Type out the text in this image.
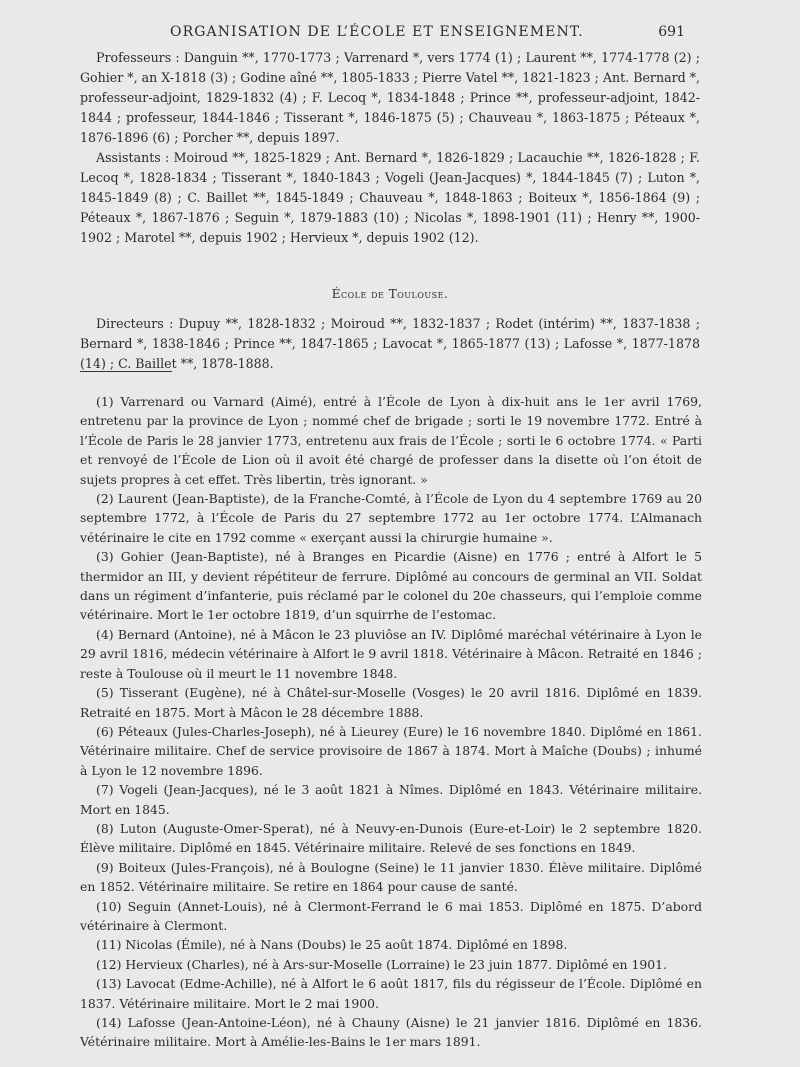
ORGANISATION DE L’ÉCOLE ET ENSEIGNEMENT.	691

Professeurs : Danguin **, 1770-1773 ; Varrenard *, vers 1774 (1) ; Laurent **, 1774-1778 (2) ; Gohier *, an X-1818 (3) ; Godine aîné **, 1805-1833 ; Pierre Vatel **, 1821-1823 ; Ant. Bernard *, professeur-adjoint, 1829-1832 (4) ; F. Lecoq *, 1834-1848 ; Prince **, professeur-adjoint, 1842-1844 ; professeur, 1844-1846 ; Tisserant *, 1846-1875 (5) ; Chauveau *, 1863-1875 ; Péteaux *, 1876-1896 (6) ; Porcher **, depuis 1897.

Assistants : Moiroud **, 1825-1829 ; Ant. Bernard *, 1826-1829 ; Lacauchie **, 1826-1828 ; F. Lecoq *, 1828-1834 ; Tisserant *, 1840-1843 ; Vogeli (Jean-Jacques) *, 1844-1845 (7) ; Luton *, 1845-1849 (8) ; C. Baillet **, 1845-1849 ; Chauveau *, 1848-1863 ; Boiteux *, 1856-1864 (9) ; Péteaux *, 1867-1876 ; Seguin *, 1879-1883 (10) ; Nicolas *, 1898-1901 (11) ; Henry **, 1900-1902 ; Marotel **, depuis 1902 ; Hervieux *, depuis 1902 (12).

École de Toulouse.

Directeurs : Dupuy **, 1828-1832 ; Moiroud **, 1832-1837 ; Rodet (intérim) **, 1837-1838 ; Bernard *, 1838-1846 ; Prince **, 1847-1865 ; Lavocat *, 1865-1877 (13) ; Lafosse *, 1877-1878 (14) ; C. Baillet **, 1878-1888.

(1) Varrenard ou Varnard (Aimé), entré à l’École de Lyon à dix-huit ans le 1er avril 1769, entretenu par la province de Lyon ; nommé chef de brigade ; sorti le 19 novembre 1772. Entré à l’École de Paris le 28 janvier 1773, entretenu aux frais de l’École ; sorti le 6 octobre 1774. « Parti et renvoyé de l’École de Lion où il avoit été chargé de professer dans la disette où l’on étoit de sujets propres à cet effet. Très libertin, très ignorant. »

(2) Laurent (Jean-Baptiste), de la Franche-Comté, à l’École de Lyon du 4 septembre 1769 au 20 septembre 1772, à l’École de Paris du 27 septembre 1772 au 1er octobre 1774. L’Almanach vétérinaire le cite en 1792 comme « exerçant aussi la chirurgie humaine ».

(3) Gohier (Jean-Baptiste), né à Branges en Picardie (Aisne) en 1776 ; entré à Alfort le 5 thermidor an III, y devient répétiteur de ferrure. Diplômé au concours de germinal an VII. Soldat dans un régiment d’infanterie, puis réclamé par le colonel du 20e chasseurs, qui l’emploie comme vétérinaire. Mort le 1er octobre 1819, d’un squirrhe de l’estomac.

(4) Bernard (Antoine), né à Mâcon le 23 pluviôse an IV. Diplômé maréchal vétérinaire à Lyon le 29 avril 1816, médecin vétérinaire à Alfort le 9 avril 1818. Vétérinaire à Mâcon. Retraité en 1846 ; reste à Toulouse où il meurt le 11 novembre 1848.

(5) Tisserant (Eugène), né à Châtel-sur-Moselle (Vosges) le 20 avril 1816. Diplômé en 1839. Retraité en 1875. Mort à Mâcon le 28 décembre 1888.

(6) Péteaux (Jules-Charles-Joseph), né à Lieurey (Eure) le 16 novembre 1840. Diplômé en 1861. Vétérinaire militaire. Chef de service provisoire de 1867 à 1874. Mort à Maîche (Doubs) ; inhumé à Lyon le 12 novembre 1896.

(7) Vogeli (Jean-Jacques), né le 3 août 1821 à Nîmes. Diplômé en 1843. Vétérinaire militaire. Mort en 1845.

(8) Luton (Auguste-Omer-Sperat), né à Neuvy-en-Dunois (Eure-et-Loir) le 2 septembre 1820. Élève militaire. Diplômé en 1845. Vétérinaire militaire. Relevé de ses fonctions en 1849.

(9) Boiteux (Jules-François), né à Boulogne (Seine) le 11 janvier 1830. Élève militaire. Diplômé en 1852. Vétérinaire militaire. Se retire en 1864 pour cause de santé.

(10) Seguin (Annet-Louis), né à Clermont-Ferrand le 6 mai 1853. Diplômé en 1875. D’abord vétérinaire à Clermont.

(11) Nicolas (Émile), né à Nans (Doubs) le 25 août 1874. Diplômé en 1898.

(12) Hervieux (Charles), né à Ars-sur-Moselle (Lorraine) le 23 juin 1877. Diplômé en 1901.

(13) Lavocat (Edme-Achille), né à Alfort le 6 août 1817, fils du régisseur de l’École. Diplômé en 1837. Vétérinaire militaire. Mort le 2 mai 1900.

(14) Lafosse (Jean-Antoine-Léon), né à Chauny (Aisne) le 21 janvier 1816. Diplômé en 1836. Vétérinaire militaire. Mort à Amélie-les-Bains le 1er mars 1891.
